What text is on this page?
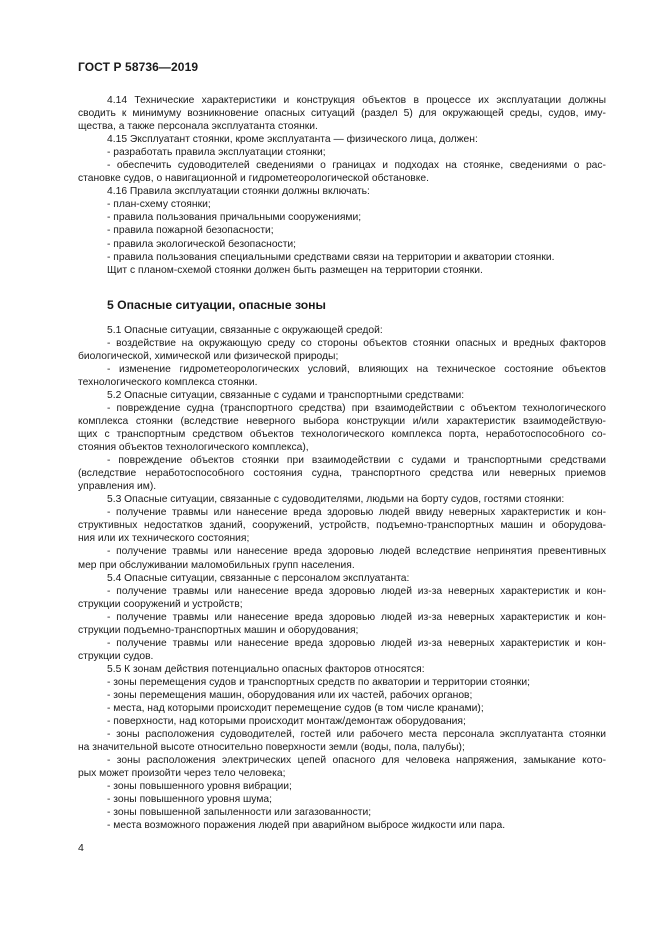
ГОСТ Р 58736—2019
4.14 Технические характеристики и конструкция объектов в процессе их эксплуатации должны
сводить к минимуму возникновение опасных ситуаций (раздел 5) для окружающей среды, судов, иму-
щества, а также персонала эксплуатанта стоянки.
4.15 Эксплуатант стоянки, кроме эксплуатанта — физического лица, должен:
- разработать правила эксплуатации стоянки;
- обеспечить судоводителей сведениями о границах и подходах на стоянке, сведениями о рас-
становке судов, о навигационной и гидрометеорологической обстановке.
4.16 Правила эксплуатации стоянки должны включать:
- план-схему стоянки;
- правила пользования причальными сооружениями;
- правила пожарной безопасности;
- правила экологической безопасности;
- правила пользования специальными средствами связи на территории и акватории стоянки.
Щит с планом-схемой стоянки должен быть размещен на территории стоянки.
5 Опасные ситуации, опасные зоны
5.1 Опасные ситуации, связанные с окружающей средой:
- воздействие на окружающую среду со стороны объектов стоянки опасных и вредных факторов
биологической, химической или физической природы;
- изменение гидрометеорологических условий, влияющих на техническое состояние объектов
технологического комплекса стоянки.
5.2 Опасные ситуации, связанные с судами и транспортными средствами:
- повреждение судна (транспортного средства) при взаимодействии с объектом технологического
комплекса стоянки (вследствие неверного выбора конструкции и/или характеристик взаимодействую-
щих с транспортным средством объектов технологического комплекса порта, неработоспособного со-
стояния объектов технологического комплекса),
- повреждение объектов стоянки при взаимодействии с судами и транспортными средствами
(вследствие неработоспособного состояния судна, транспортного средства или неверных приемов
управления им).
5.3 Опасные ситуации, связанные с судоводителями, людьми на борту судов, гостями стоянки:
- получение травмы или нанесение вреда здоровью людей ввиду неверных характеристик и кон-
структивных недостатков зданий, сооружений, устройств, подъемно-транспортных машин и оборудова-
ния или их технического состояния;
- получение травмы или нанесение вреда здоровью людей вследствие непринятия превентивных
мер при обслуживании маломобильных групп населения.
5.4 Опасные ситуации, связанные с персоналом эксплуатанта:
- получение травмы или нанесение вреда здоровью людей из-за неверных характеристик и кон-
струкции сооружений и устройств;
- получение травмы или нанесение вреда здоровью людей из-за неверных характеристик и кон-
струкции подъемно-транспортных машин и оборудования;
- получение травмы или нанесение вреда здоровью людей из-за неверных характеристик и кон-
струкции судов.
5.5 К зонам действия потенциально опасных факторов относятся:
- зоны перемещения судов и транспортных средств по акватории и территории стоянки;
- зоны перемещения машин, оборудования или их частей, рабочих органов;
- места, над которыми происходит перемещение судов (в том числе кранами);
- поверхности, над которыми происходит монтаж/демонтаж оборудования;
- зоны расположения судоводителей, гостей или рабочего места персонала эксплуатанта стоянки
на значительной высоте относительно поверхности земли (воды, пола, палубы);
- зоны расположения электрических цепей опасного для человека напряжения, замыкание кото-
рых может произойти через тело человека;
- зоны повышенного уровня вибрации;
- зоны повышенного уровня шума;
- зоны повышенной запыленности или загазованности;
- места возможного поражения людей при аварийном выбросе жидкости или пара.
4
